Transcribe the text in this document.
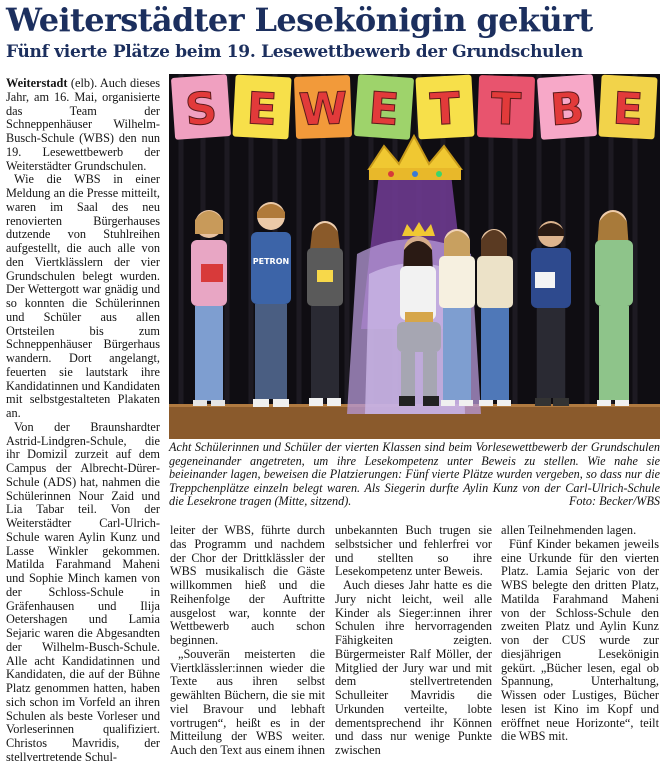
Weiterstädter Lesekönigin gekürt
Fünf vierte Plätze beim 19. Lesewettbewerb der Grundschulen

Weiterstadt (elb). Auch dieses Jahr, am 16. Mai, organisierte das Team der Schneppenhäuser Wilhelm-Busch-Schule (WBS) den nun 19. Lesewettbewerb der Weiterstädter Grundschulen.

Wie die WBS in einer Meldung an die Presse mitteilt, waren im Saal des neu renovierten Bürgerhauses dutzende von Stuhlreihen aufgestellt, die auch alle von den Viertklässlern der vier Grundschulen belegt wurden. Der Wettergott war gnädig und so konnten die Schülerinnen und Schüler aus allen Ortsteilen bis zum Schneppenhäuser Bürgerhaus wandern. Dort angelangt, feuerten sie lautstark ihre Kandidatinnen und Kandidaten mit selbstgestalteten Plakaten an.

Von der Braunshardter Astrid-Lindgren-Schule, die ihr Domizil zurzeit auf dem Campus der Albrecht-Dürer-Schule (ADS) hat, nahmen die Schülerinnen Nour Zaid und Lia Tabar teil. Von der Weiterstädter Carl-Ulrich-Schule waren Aylin Kunz und Lasse Winkler gekommen. Matilda Farahmand Maheni und Sophie Minch kamen von der Schloss-Schule in Gräfenhausen und Ilija Oetershagen und Lamia Sejaric waren die Abgesandten der Wilhelm-Busch-Schule. Alle acht Kandidatinnen und Kandidaten, die auf der Bühne Platz genommen hatten, haben sich schon im Vorfeld an ihren Schulen als beste Vorleser und Vorleserinnen qualifiziert. Christos Mavridis, der stellvertretende Schul-

S E W E T T B E
PETRON
Acht Schülerinnen und Schüler der vierten Klassen sind beim Vorlesewettbewerb der Grundschulen gegeneinander angetreten, um ihre Lesekompetenz unter Beweis zu stellen. Wie nahe sie beieinander lagen, beweisen die Platzierungen: Fünf vierte Plätze wurden vergeben, so dass nur die Treppchenplätze einzeln belegt waren. Als Siegerin durfte Aylin Kunz von der Carl-Ulrich-Schule die Lesekrone tragen (Mitte, sitzend).	Foto: Becker/WBS

leiter der WBS, führte durch das Programm und nachdem der Chor der Drittklässler der WBS musikalisch die Gäste willkommen hieß und die Reihenfolge der Auftritte ausgelost war, konnte der Wettbewerb auch schon beginnen.

„Souverän meisterten die Viertklässler:innen wieder die Texte aus ihren selbst gewählten Büchern, die sie mit viel Bravour und lebhaft vortrugen“, heißt es in der Mitteilung der WBS weiter. Auch den Text aus einem ihnen

unbekannten Buch trugen sie selbstsicher und fehlerfrei vor und stellten so ihre Lesekompetenz unter Beweis.

Auch dieses Jahr hatte es die Jury nicht leicht, weil alle Kinder als Sieger:innen ihrer Schulen ihre hervorragenden Fähigkeiten zeigten. Bürgermeister Ralf Möller, der Mitglied der Jury war und mit dem stellvertretenden Schulleiter Mavridis die Urkunden verteilte, lobte dementsprechend ihr Können und dass nur wenige Punkte zwischen

allen Teilnehmenden lagen.

Fünf Kinder bekamen jeweils eine Urkunde für den vierten Platz. Lamia Sejaric von der WBS belegte den dritten Platz, Matilda Farahmand Maheni von der Schloss-Schule den zweiten Platz und Aylin Kunz von der CUS wurde zur diesjährigen Lesekönigin gekürt. „Bücher lesen, egal ob Spannung, Unterhaltung, Wissen oder Lustiges, Bücher lesen ist Kino im Kopf und eröffnet neue Horizonte“, teilt die WBS mit.
